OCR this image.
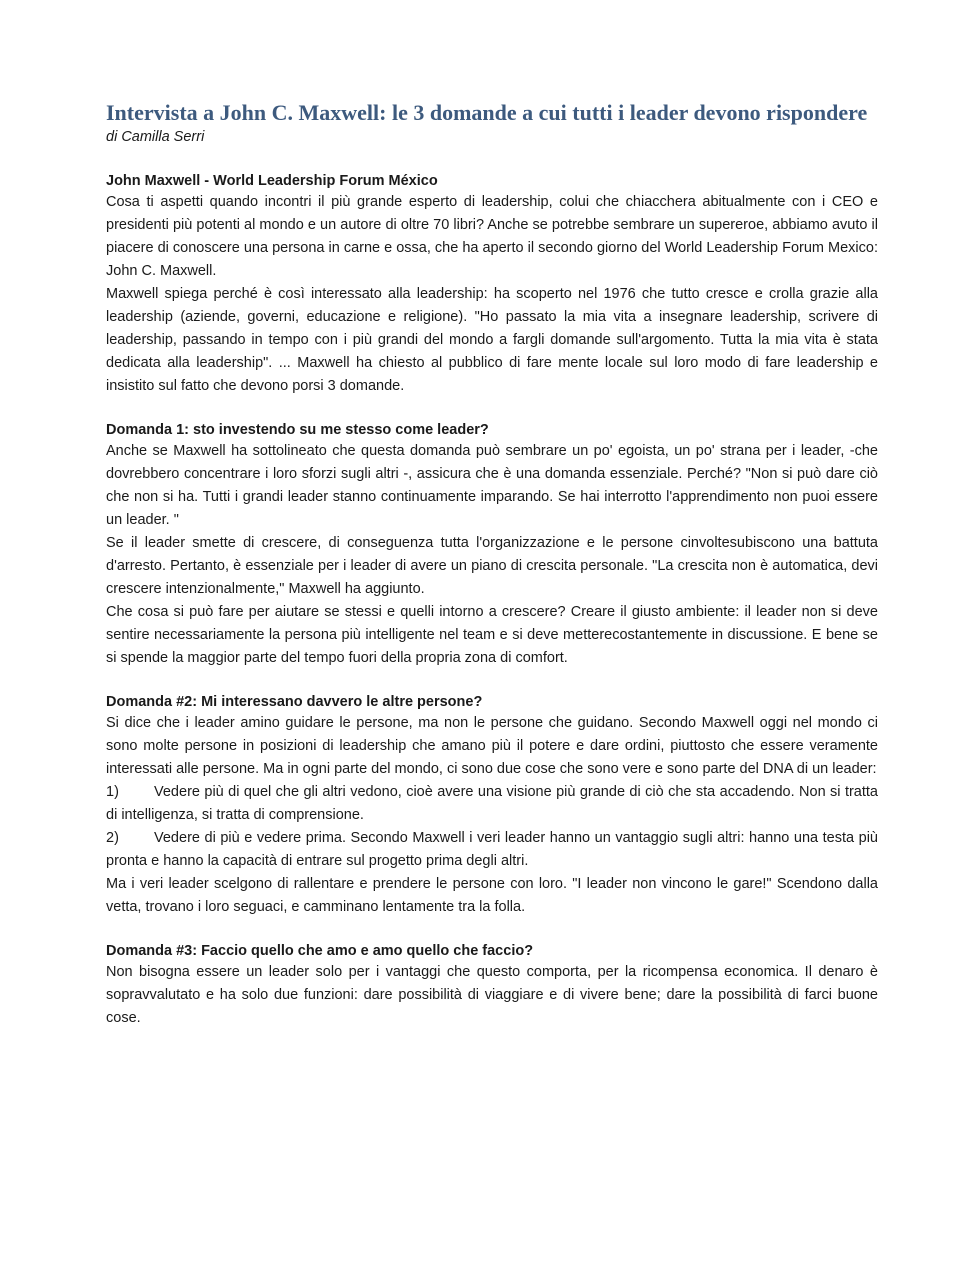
Intervista a John C. Maxwell: le 3 domande a cui tutti i leader devono rispondere

di Camilla Serri

John Maxwell - World Leadership Forum México

Cosa ti aspetti quando incontri il più grande esperto di leadership, colui che chiacchera abitualmente con i CEO e presidenti più potenti al mondo e un autore di oltre 70 libri? Anche se potrebbe sembrare un supereroe, abbiamo avuto il piacere di conoscere una persona in carne e ossa, che ha aperto il secondo giorno del World Leadership Forum Mexico: John C. Maxwell.

Maxwell spiega perché è così interessato alla leadership: ha scoperto nel 1976 che tutto cresce e crolla grazie alla leadership (aziende, governi, educazione e religione). "Ho passato la mia vita a insegnare leadership, scrivere di leadership, passando in tempo con i più grandi del mondo a fargli domande sull'argomento. Tutta la mia vita è stata dedicata alla leadership". ... Maxwell ha chiesto al pubblico di fare mente locale sul loro modo di fare leadership e insistito sul fatto che devono porsi 3 domande.

Domanda 1: sto investendo su me stesso come leader?

Anche se Maxwell ha sottolineato che questa domanda può sembrare un po' egoista, un po' strana per i leader, -che dovrebbero concentrare i loro sforzi sugli altri -, assicura che è una domanda essenziale. Perché? "Non si può dare ciò che non si ha. Tutti i grandi leader stanno continuamente imparando. Se hai interrotto l'apprendimento non puoi essere un leader. "

Se il leader smette di crescere, di conseguenza tutta l'organizzazione e le persone cinvoltesubiscono una battuta d'arresto. Pertanto, è essenziale per i leader di avere un piano di crescita personale. "La crescita non è automatica, devi crescere intenzionalmente," Maxwell ha aggiunto.

Che cosa si può fare per aiutare se stessi e quelli intorno a crescere? Creare il giusto ambiente: il leader non si deve sentire necessariamente la persona più intelligente nel team e si deve metterecostantemente in discussione. E bene se si spende la maggior parte del tempo fuori della propria zona di comfort.

Domanda #2: Mi interessano davvero le altre persone?

Si dice che i leader amino guidare le persone, ma non le persone che guidano. Secondo Maxwell oggi nel mondo ci sono molte persone in posizioni di leadership che amano più il potere e dare ordini, piuttosto che essere veramente interessati alle persone. Ma in ogni parte del mondo, ci sono due cose che sono vere e sono parte del DNA di un leader:

1) Vedere più di quel che gli altri vedono, cioè avere una visione più grande di ciò che sta accadendo. Non si tratta di intelligenza, si tratta di comprensione.

2) Vedere di più e vedere prima. Secondo Maxwell i veri leader hanno un vantaggio sugli altri: hanno una testa più pronta e hanno la capacità di entrare sul progetto prima degli altri.

Ma i veri leader scelgono di rallentare e prendere le persone con loro. "I leader non vincono le gare!" Scendono dalla vetta, trovano i loro seguaci, e camminano lentamente tra la folla.

Domanda #3: Faccio quello che amo e amo quello che faccio?

Non bisogna essere un leader solo per i vantaggi che questo comporta, per la ricompensa economica. Il denaro è sopravvalutato e ha solo due funzioni: dare possibilità di viaggiare e di vivere bene; dare la possibilità di farci buone cose.
